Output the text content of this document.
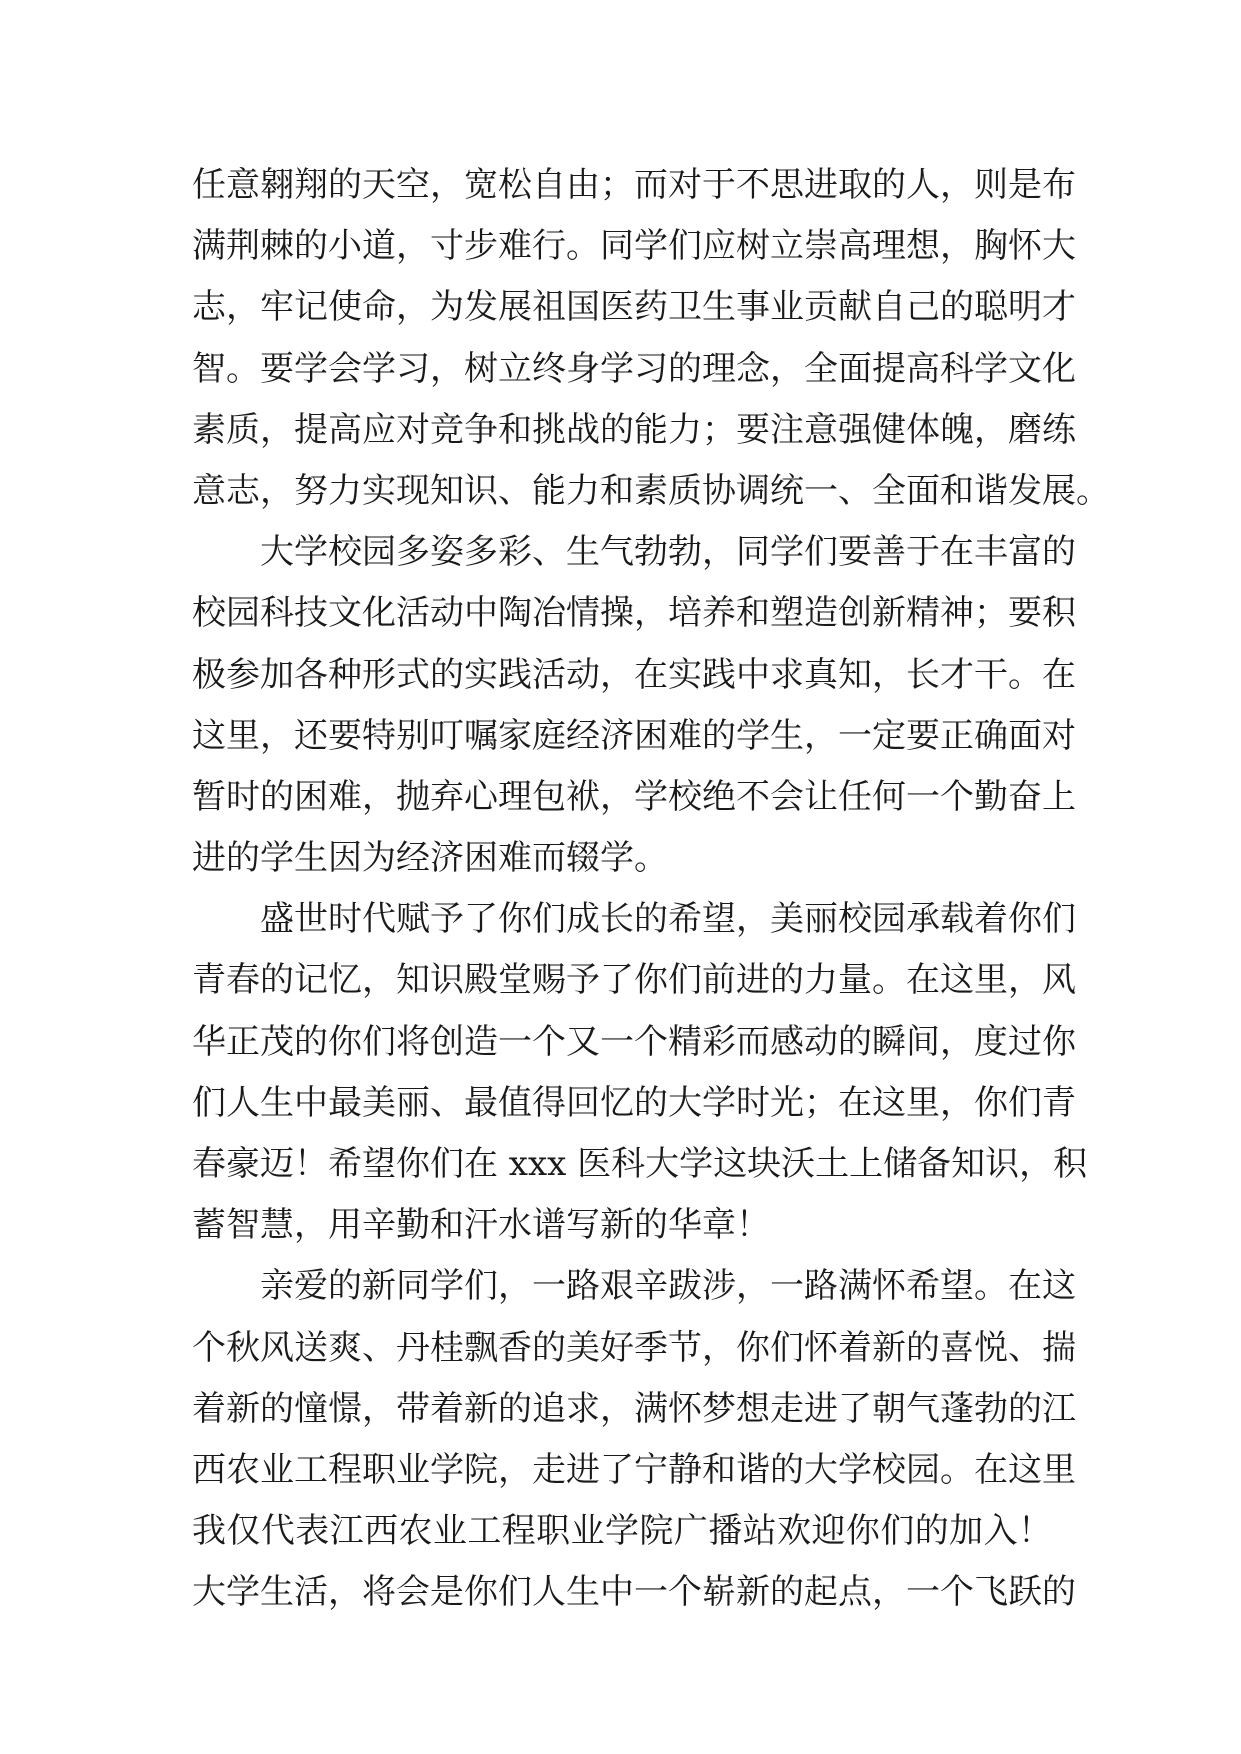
任意翱翔的天空，宽松自由；而对于不思进取的人，则是布
满荆棘的小道，寸步难行。同学们应树立崇高理想，胸怀大
志，牢记使命，为发展祖国医药卫生事业贡献自己的聪明才
智。要学会学习，树立终身学习的理念，全面提高科学文化
素质，提高应对竞争和挑战的能力；要注意强健体魄，磨练
意志，努力实现知识、能力和素质协调统一、全面和谐发展。
大学校园多姿多彩、生气勃勃，同学们要善于在丰富的
校园科技文化活动中陶冶情操，培养和塑造创新精神；要积
极参加各种形式的实践活动，在实践中求真知，长才干。在
这里，还要特别叮嘱家庭经济困难的学生，一定要正确面对
暂时的困难，抛弃心理包袱，学校绝不会让任何一个勤奋上
进的学生因为经济困难而辍学。
盛世时代赋予了你们成长的希望，美丽校园承载着你们
青春的记忆，知识殿堂赐予了你们前进的力量。在这里，风
华正茂的你们将创造一个又一个精彩而感动的瞬间，度过你
们人生中最美丽、最值得回忆的大学时光；在这里，你们青
春豪迈！希望你们在 xxx 医科大学这块沃土上储备知识，积
蓄智慧，用辛勤和汗水谱写新的华章！
亲爱的新同学们，一路艰辛跋涉，一路满怀希望。在这
个秋风送爽、丹桂飘香的美好季节，你们怀着新的喜悦、揣
着新的憧憬，带着新的追求，满怀梦想走进了朝气蓬勃的江
西农业工程职业学院，走进了宁静和谐的大学校园。在这里
我仅代表江西农业工程职业学院广播站欢迎你们的加入！
大学生活，将会是你们人生中一个崭新的起点，一个飞跃的
